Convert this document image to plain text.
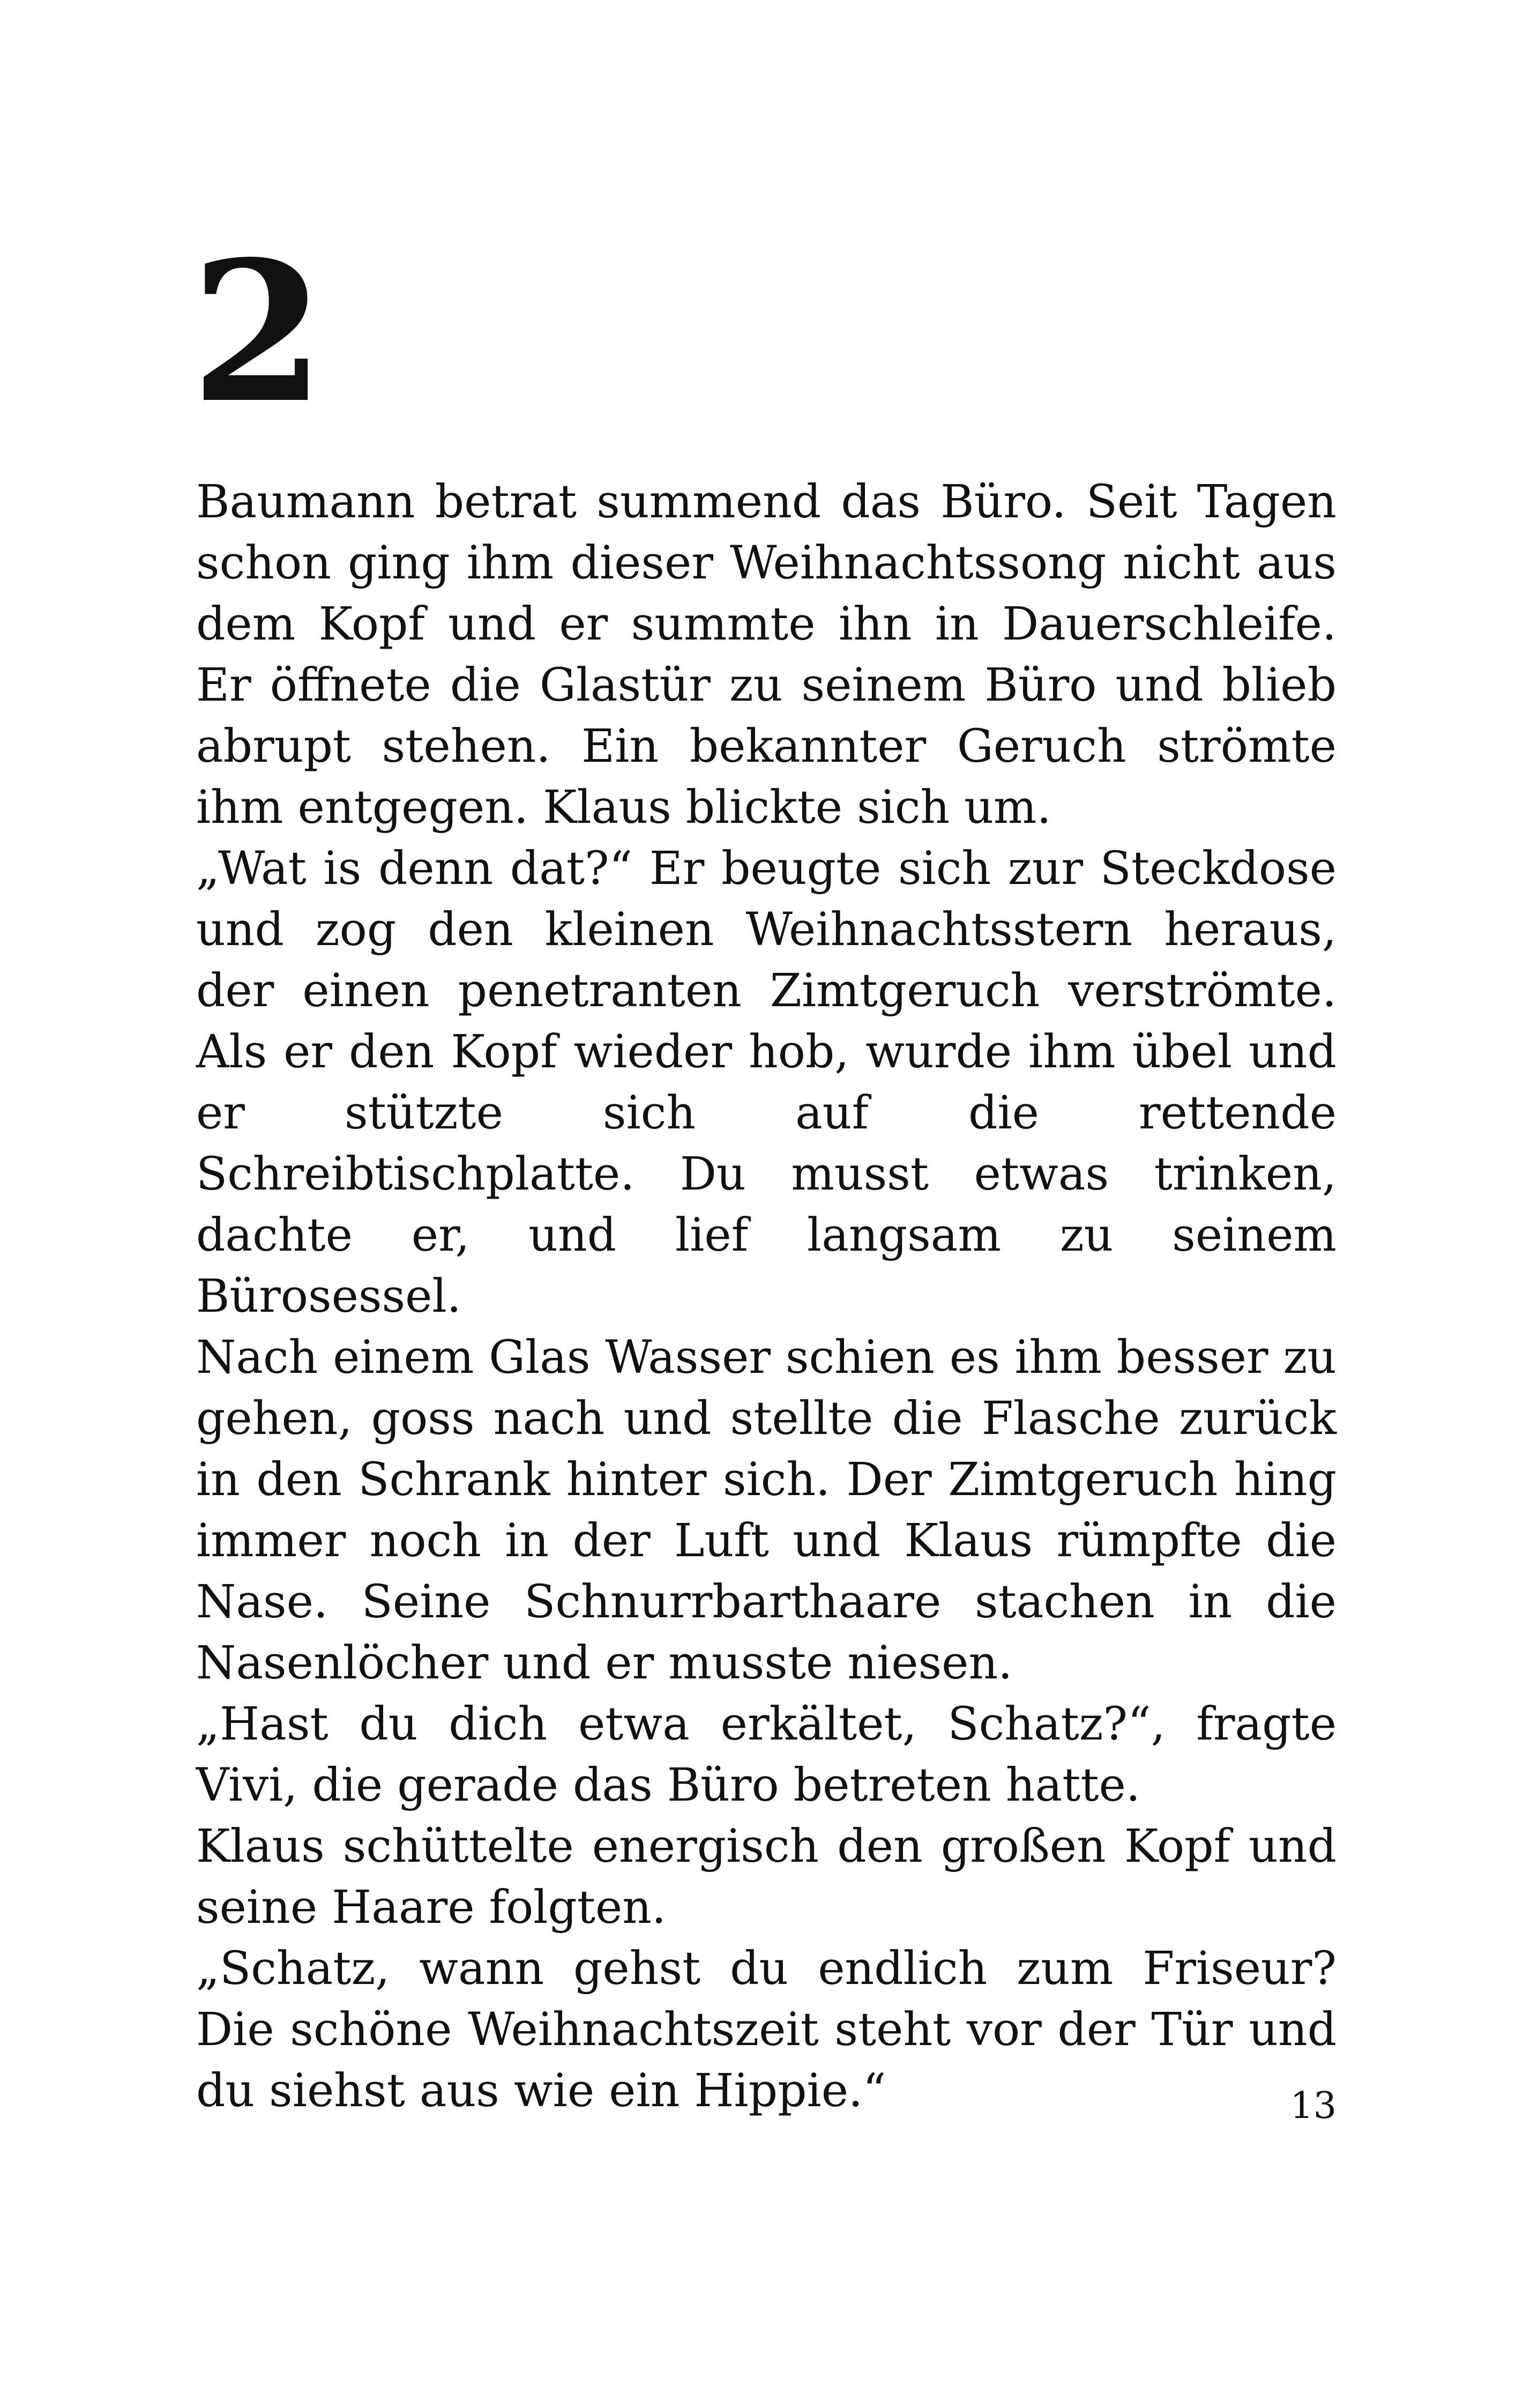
2

Baumann betrat summend das Büro. Seit Tagen schon ging ihm dieser Weihnachtssong nicht aus dem Kopf und er summte ihn in Dauerschleife. Er öffnete die Glastür zu seinem Büro und blieb abrupt stehen. Ein bekannter Geruch strömte ihm entgegen. Klaus blickte sich um.

„Wat is denn dat?“ Er beugte sich zur Steckdose und zog den kleinen Weihnachtsstern heraus, der einen penetranten Zimtgeruch verströmte. Als er den Kopf wieder hob, wurde ihm übel und er stützte sich auf die rettende Schreibtischplatte. Du musst etwas trinken, dachte er, und lief langsam zu seinem Bürosessel.

Nach einem Glas Wasser schien es ihm besser zu gehen, goss nach und stellte die Flasche zurück in den Schrank hinter sich. Der Zimtgeruch hing immer noch in der Luft und Klaus rümpfte die Nase. Seine Schnurrbarthaare stachen in die Nasenlöcher und er musste niesen.

„Hast du dich etwa erkältet, Schatz?“, fragte Vivi, die gerade das Büro betreten hatte.

Klaus schüttelte energisch den großen Kopf und seine Haare folgten.

„Schatz, wann gehst du endlich zum Friseur? Die schöne Weihnachtszeit steht vor der Tür und du siehst aus wie ein Hippie.“	13
